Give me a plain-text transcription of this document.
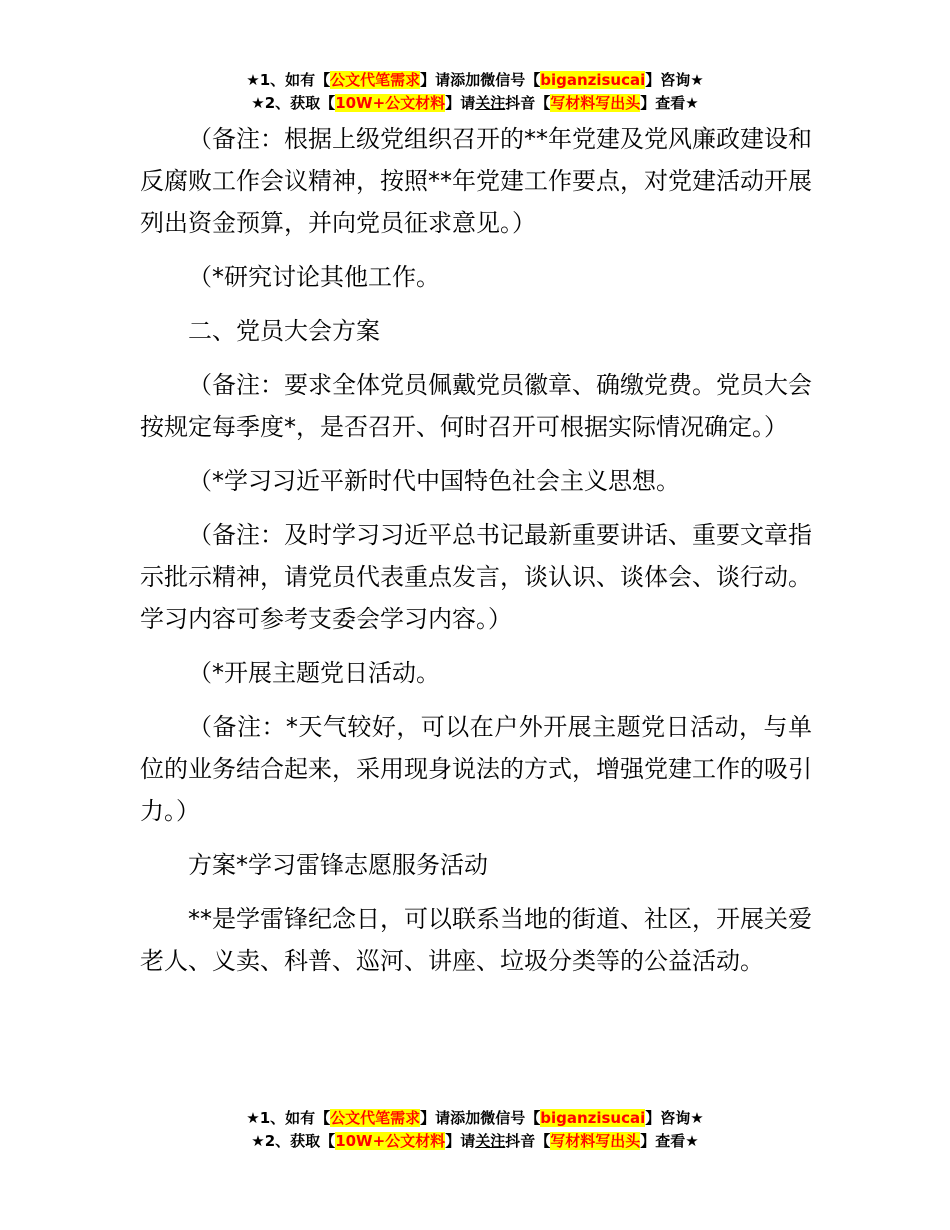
★1、如有【公文代笔需求】请添加微信号【biganzisucai】咨询★
★2、获取【10W+公文材料】请关注抖音【写材料写出头】查看★

（备注：根据上级党组织召开的**年党建及党风廉政建设和反腐败工作会议精神，按照**年党建工作要点，对党建活动开展列出资金预算，并向党员征求意见。）

（*研究讨论其他工作。

二、党员大会方案

（备注：要求全体党员佩戴党员徽章、确缴党费。党员大会按规定每季度*，是否召开、何时召开可根据实际情况确定。）

（*学习习近平新时代中国特色社会主义思想。

（备注：及时学习习近平总书记最新重要讲话、重要文章指示批示精神，请党员代表重点发言，谈认识、谈体会、谈行动。学习内容可参考支委会学习内容。）

（*开展主题党日活动。

（备注：*天气较好，可以在户外开展主题党日活动，与单位的业务结合起来，采用现身说法的方式，增强党建工作的吸引力。）

方案*学习雷锋志愿服务活动

**是学雷锋纪念日，可以联系当地的街道、社区，开展关爱老人、义卖、科普、巡河、讲座、垃圾分类等的公益活动。

★1、如有【公文代笔需求】请添加微信号【biganzisucai】咨询★
★2、获取【10W+公文材料】请关注抖音【写材料写出头】查看★
